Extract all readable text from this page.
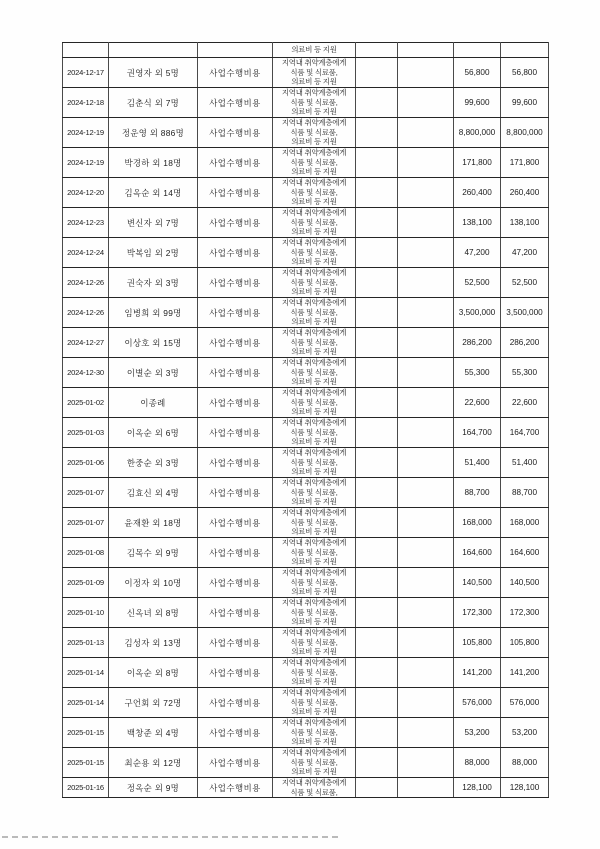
			의료비 등 지원				

2024-12-17	권영자 외 5명	사업수행비용	지역내 취약계층에게
식품 및 식료품,
의료비 등 지원			56,800	56,800
2024-12-18	김춘식 외 7명	사업수행비용	지역내 취약계층에게
식품 및 식료품,
의료비 등 지원			99,600	99,600
2024-12-19	정운영 외 886명	사업수행비용	지역내 취약계층에게
식품 및 식료품,
의료비 등 지원			8,800,000	8,800,000
2024-12-19	박경하 외 18명	사업수행비용	지역내 취약계층에게
식품 및 식료품,
의료비 등 지원			171,800	171,800
2024-12-20	김옥순 외 14명	사업수행비용	지역내 취약계층에게
식품 및 식료품,
의료비 등 지원			260,400	260,400
2024-12-23	변신자 외 7명	사업수행비용	지역내 취약계층에게
식품 및 식료품,
의료비 등 지원			138,100	138,100
2024-12-24	박복임 외 2명	사업수행비용	지역내 취약계층에게
식품 및 식료품,
의료비 등 지원			47,200	47,200
2024-12-26	권숙자 외 3명	사업수행비용	지역내 취약계층에게
식품 및 식료품,
의료비 등 지원			52,500	52,500
2024-12-26	임병희 외 99명	사업수행비용	지역내 취약계층에게
식품 및 식료품,
의료비 등 지원			3,500,000	3,500,000
2024-12-27	이상호 외 15명	사업수행비용	지역내 취약계층에게
식품 및 식료품,
의료비 등 지원			286,200	286,200
2024-12-30	이별순 외 3명	사업수행비용	지역내 취약계층에게
식품 및 식료품,
의료비 등 지원			55,300	55,300
2025-01-02	이종례	사업수행비용	지역내 취약계층에게
식품 및 식료품,
의료비 등 지원			22,600	22,600
2025-01-03	이옥순 외 6명	사업수행비용	지역내 취약계층에게
식품 및 식료품,
의료비 등 지원			164,700	164,700
2025-01-06	한중순 외 3명	사업수행비용	지역내 취약계층에게
식품 및 식료품,
의료비 등 지원			51,400	51,400
2025-01-07	김효신 외 4명	사업수행비용	지역내 취약계층에게
식품 및 식료품,
의료비 등 지원			88,700	88,700
2025-01-07	윤재환 외 18명	사업수행비용	지역내 취약계층에게
식품 및 식료품,
의료비 등 지원			168,000	168,000
2025-01-08	김목수 외 9명	사업수행비용	지역내 취약계층에게
식품 및 식료품,
의료비 등 지원			164,600	164,600
2025-01-09	이정자 외 10명	사업수행비용	지역내 취약계층에게
식품 및 식료품,
의료비 등 지원			140,500	140,500
2025-01-10	신옥녀 외 8명	사업수행비용	지역내 취약계층에게
식품 및 식료품,
의료비 등 지원			172,300	172,300
2025-01-13	김성자 외 13명	사업수행비용	지역내 취약계층에게
식품 및 식료품,
의료비 등 지원			105,800	105,800
2025-01-14	이옥순 외 8명	사업수행비용	지역내 취약계층에게
식품 및 식료품,
의료비 등 지원			141,200	141,200
2025-01-14	구언회 외 72명	사업수행비용	지역내 취약계층에게
식품 및 식료품,
의료비 등 지원			576,000	576,000
2025-01-15	백창준 외 4명	사업수행비용	지역내 취약계층에게
식품 및 식료품,
의료비 등 지원			53,200	53,200
2025-01-15	최순용 외 12명	사업수행비용	지역내 취약계층에게
식품 및 식료품,
의료비 등 지원			88,000	88,000
2025-01-16	정옥순 외 9명	사업수행비용	지역내 취약계층에게
식품 및 식료품,			128,100	128,100
